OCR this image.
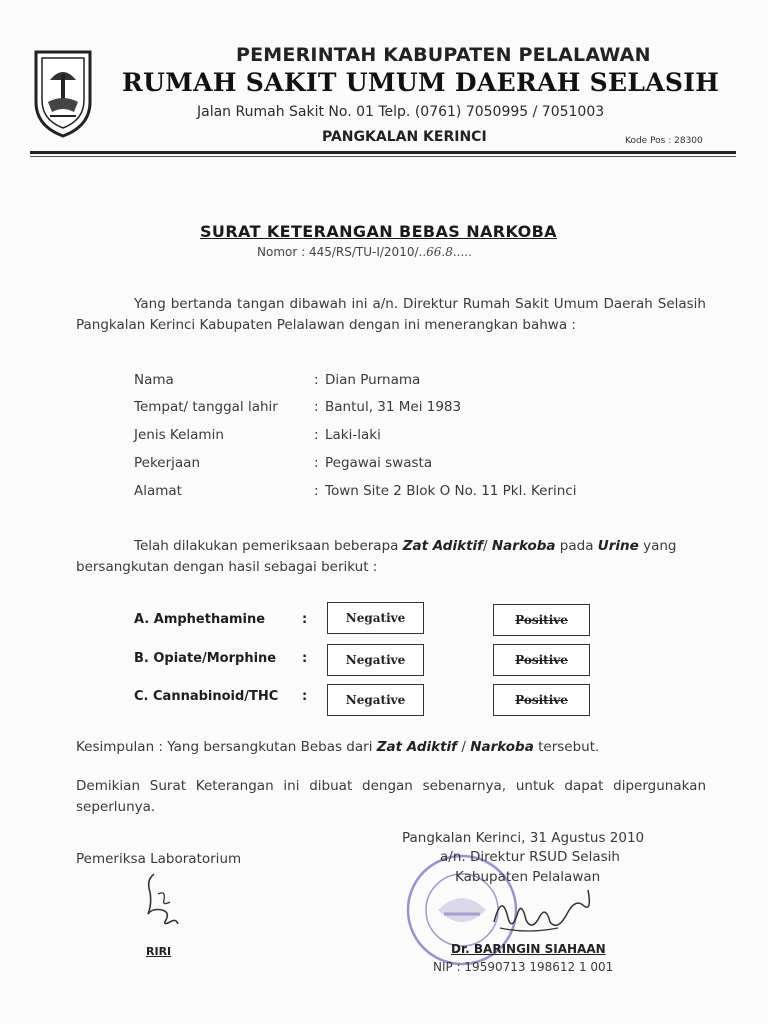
PEMERINTAH KABUPATEN PELALAWAN
RUMAH SAKIT UMUM DAERAH SELASIH
Jalan Rumah Sakit No. 01 Telp. (0761) 7050995 / 7051003
PANGKALAN KERINCI	Kode Pos : 28300
SURAT KETERANGAN BEBAS NARKOBA
Nomor : 445/RS/TU-I/2010/..66.8.....
Yang bertanda tangan dibawah ini a/n. Direktur Rumah Sakit Umum Daerah Selasih Pangkalan Kerinci Kabupaten Pelalawan dengan ini menerangkan bahwa :
Nama	: Dian Purnama
Tempat/ tanggal lahir	: Bantul, 31 Mei 1983
Jenis Kelamin	: Laki-laki
Pekerjaan	: Pegawai swasta
Alamat	: Town Site 2 Blok O No. 11 Pkl. Kerinci
Telah dilakukan pemeriksaan beberapa Zat Adiktif/ Narkoba pada Urine yang bersangkutan dengan hasil sebagai berikut :
A. Amphethamine	:	Negative	Positive
B. Opiate/Morphine :	Negative	Positive
C. Cannabinoid/THC :	Negative	Positive
Kesimpulan : Yang bersangkutan Bebas dari Zat Adiktif / Narkoba tersebut.
Demikian Surat Keterangan ini dibuat dengan sebenarnya, untuk dapat dipergunakan seperlunya.
Pemeriksa Laboratorium
RIRI
Pangkalan Kerinci, 31 Agustus 2010
a/n. Direktur RSUD Selasih
Kabupaten Pelalawan
Dr. BARINGIN SIAHAAN
NIP : 19590713 198612 1 001
